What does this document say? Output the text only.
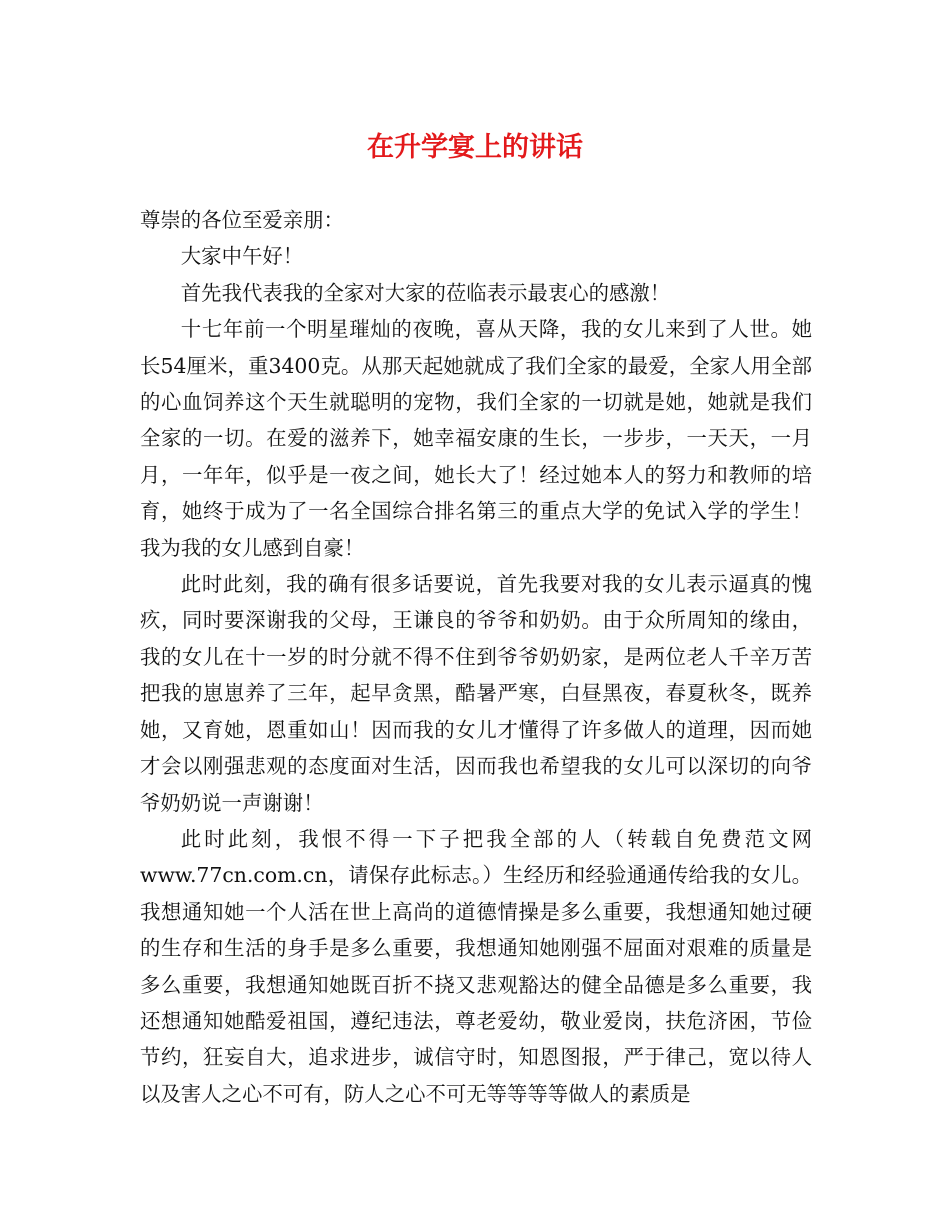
在升学宴上的讲话

尊崇的各位至爱亲朋：

大家中午好！

首先我代表我的全家对大家的莅临表示最衷心的感激！

十七年前一个明星璀灿的夜晚，喜从天降，我的女儿来到了人世。她长54厘米，重3400克。从那天起她就成了我们全家的最爱，全家人用全部的心血饲养这个天生就聪明的宠物，我们全家的一切就是她，她就是我们全家的一切。在爱的滋养下，她幸福安康的生长，一步步，一天天，一月月，一年年，似乎是一夜之间，她长大了！经过她本人的努力和教师的培育，她终于成为了一名全国综合排名第三的重点大学的免试入学的学生！我为我的女儿感到自豪！

此时此刻，我的确有很多话要说，首先我要对我的女儿表示逼真的愧疚，同时要深谢我的父母，王谦良的爷爷和奶奶。由于众所周知的缘由，我的女儿在十一岁的时分就不得不住到爷爷奶奶家，是两位老人千辛万苦把我的崽崽养了三年，起早贪黑，酷暑严寒，白昼黑夜，春夏秋冬，既养她，又育她，恩重如山！因而我的女儿才懂得了许多做人的道理，因而她才会以刚强悲观的态度面对生活，因而我也希望我的女儿可以深切的向爷爷奶奶说一声谢谢！

此时此刻，我恨不得一下子把我全部的人（转载自免费范文网www.77cn.com.cn，请保存此标志。）生经历和经验通通传给我的女儿。我想通知她一个人活在世上高尚的道德情操是多么重要，我想通知她过硬的生存和生活的身手是多么重要，我想通知她刚强不屈面对艰难的质量是多么重要，我想通知她既百折不挠又悲观豁达的健全品德是多么重要，我还想通知她酷爱祖国，遵纪违法，尊老爱幼，敬业爱岗，扶危济困，节俭节约，狂妄自大，追求进步，诚信守时，知恩图报，严于律己，宽以待人以及害人之心不可有，防人之心不可无等等等等做人的素质是
